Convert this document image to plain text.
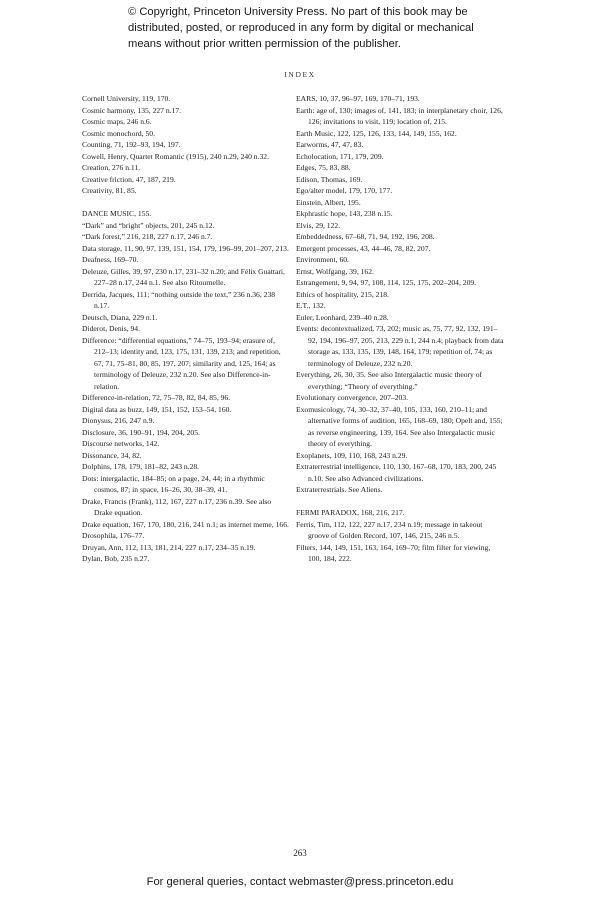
© Copyright, Princeton University Press. No part of this book may be distributed, posted, or reproduced in any form by digital or mechanical means without prior written permission of the publisher.
INDEX
Cornell University, 119, 170.
Cosmic harmony, 135, 227 n.17.
Cosmic maps, 246 n.6.
Cosmic monochord, 50.
Counting, 71, 192–93, 194, 197.
Cowell, Henry, Quartet Romantic (1915), 240 n.29, 240 n.32.
Creation, 276 n.11.
Creative friction, 47, 187, 219.
Creativity, 81, 85.
DANCE MUSIC, 155.
“Dark” and “bright” objects, 201, 245 n.12.
“Dark forest,” 216, 218, 227 n.17, 246 n.7.
Data storage, 11, 90, 97, 139, 151, 154, 179, 196–99, 201–207, 213.
Deafness, 169–70.
Deleuze, Gilles, 39, 97, 230 n.17, 231–32 n.20; and Félix Guattari, 227–28 n.17, 244 n.1. See also Ritournelle.
Derrida, Jacques, 111; “nothing outside the text,” 236 n.36, 238 n.17.
Deutsch, Diana, 229 n.1.
Diderot, Denis, 94.
Difference: “differential equations,” 74–75, 193–94; erasure of, 212–13; identity and, 123, 175, 131, 139, 213; and repetition, 67, 71, 75–81, 80, 85, 197, 207; similarity and, 125, 164; as terminology of Deleuze, 232 n.20. See also Difference-in-relation.
Difference-in-relation, 72, 75–78, 82, 84, 85, 96.
Digital data as buzz, 149, 151, 152, 153–54, 160.
Dionysus, 216, 247 n.9.
Disclosure, 36, 190–91, 194, 204, 205.
Discourse networks, 142.
Dissonance, 34, 82.
Dolphins, 178, 179, 181–82, 243 n.28.
Dots: intergalactic, 184–85; on a page, 24, 44; in a rhythmic cosmos, 87; in space, 16–26, 30, 38–39, 41.
Drake, Francis (Frank), 112, 167, 227 n.17, 236 n.39. See also Drake equation.
Drake equation, 167, 170, 180, 216, 241 n.1; as internet meme, 166.
Drosophila, 176–77.
Druyan, Ann, 112, 113, 181, 214, 227 n.17, 234–35 n.19.
Dylan, Bob, 235 n.27.
EARS, 10, 37, 96–97, 169, 170–71, 193.
Earth: age of, 130; images of, 141, 183; in interplanetary choir, 126, 126; invitations to visit, 119; location of, 215.
Earth Music, 122, 125, 126, 133, 144, 149, 155, 162.
Earworms, 47, 47, 83.
Echolocation, 171, 179, 209.
Edges, 75, 83, 88.
Edison, Thomas, 169.
Ego/alter model, 179, 170, 177.
Einstein, Albert, 195.
Ekphrastic hope, 143, 238 n.15.
Elvis, 29, 122.
Embeddedness, 67–68, 71, 94, 192, 196, 208.
Emergent processes, 43, 44–46, 78, 82, 207.
Environment, 60.
Ernst, Wolfgang, 39, 162.
Estrangement, 9, 94, 97, 108, 114, 125, 175, 202–204, 209.
Ethics of hospitality, 215, 218.
E.T., 132.
Euler, Leonhard, 239–40 n.28.
Events: decontextualized, 73, 202; music as, 75, 77, 92, 132, 191–92, 194, 196–97, 205, 213, 229 n.1, 244 n.4; playback from data storage as, 133, 135, 139, 148, 164, 179; repetition of, 74; as terminology of Deleuze, 232 n.20.
Everything, 26, 30, 35. See also Intergalactic music theory of everything; “Theory of everything.”
Evolutionary convergence, 207–203.
Exomusicology, 74, 30–32, 37–40, 105, 133, 160, 210–11; and alternative forms of audition, 165, 168–69, 180; Opelt and, 155; as reverse engineering, 139, 164. See also Intergalactic music theory of everything.
Exoplanets, 109, 110, 168, 243 n.29.
Extraterrestrial intelligence, 110, 130, 167–68, 170, 183, 200, 245 n.10. See also Advanced civilizations.
Extraterrestrials. See Aliens.
FERMI PARADOX, 168, 216, 217.
Ferris, Tim, 112, 122, 227 n.17, 234 n.19; message in takeout groove of Golden Record, 107, 146, 215, 246 n.5.
Filters, 144, 149, 151, 163, 164, 169–70; film filter for viewing, 100, 184, 222.
263
For general queries, contact webmaster@press.princeton.edu
